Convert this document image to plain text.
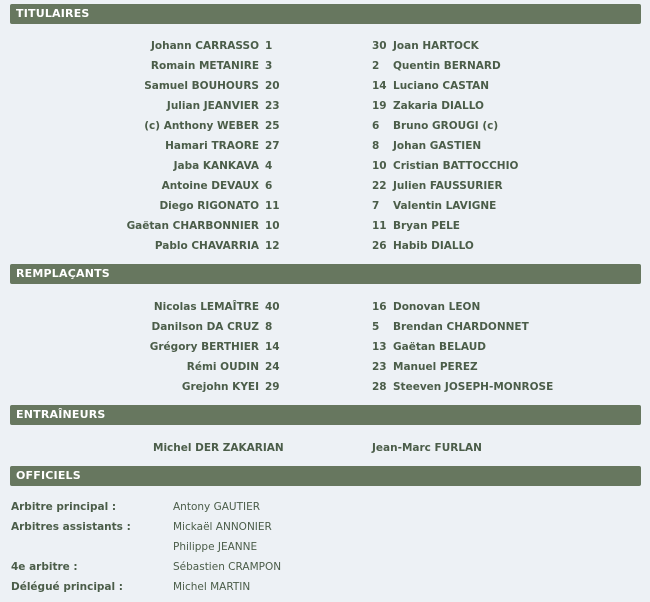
TITULAIRES
Johann CARRASSO 1	30 Joan HARTOCK
Romain METANIRE 3	2	Quentin BERNARD
Samuel BOUHOURS 20	14 Luciano CASTAN
Julian JEANVIER 23	19 Zakaria DIALLO
(c) Anthony WEBER 25	6	Bruno GROUGI (c)
Hamari TRAORE 27	8	Johan GASTIEN
Jaba KANKAVA 4	10 Cristian BATTOCCHIO
Antoine DEVAUX 6	22 Julien FAUSSURIER
Diego RIGONATO 11	7	Valentin LAVIGNE
Gaëtan CHARBONNIER 10	11 Bryan PELE
Pablo CHAVARRIA 12	26 Habib DIALLO
REMPLAÇANTS
Nicolas LEMAÎTRE 40	16 Donovan LEON
Danilson DA CRUZ 8	5	Brendan CHARDONNET
Grégory BERTHIER 14	13 Gaëtan BELAUD
Rémi OUDIN 24	23 Manuel PEREZ
Grejohn KYEI 29	28 Steeven JOSEPH-MONROSE
ENTRAÎNEURS
Michel DER ZAKARIAN	Jean-Marc FURLAN
OFFICIELS
Arbitre principal :	Antony GAUTIER
Arbitres assistants :	Mickaël ANNONIER
Philippe JEANNE
4e arbitre :	Sébastien CRAMPON
Délégué principal :	Michel MARTIN
